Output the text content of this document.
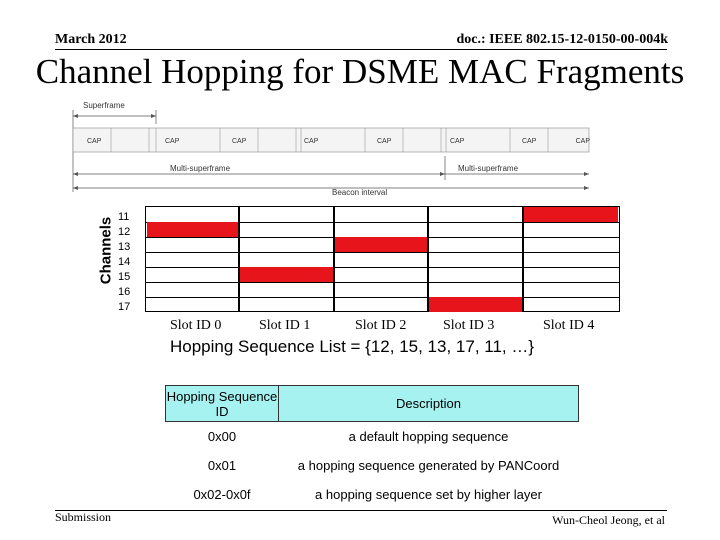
March 2012	doc.: IEEE 802.15-12-0150-00-004k
Channel Hopping for DSME MAC Fragments
Superframe
CAP	CAP	CAP	CAP	CAP	CAP	CAP	CAP
Multi-superframe	Multi-superframe
Beacon interval
Channels 11
12
13
14
15
16
17
Slot ID 0	Slot ID 1	Slot ID 2	Slot ID 3	Slot ID 4
Hopping Sequence List = {12, 15, 13, 17, 11, …}
Hopping Sequence ID	Description
0x00	a default hopping sequence
0x01	a hopping sequence generated by PANCoord
0x02-0x0f	a hopping sequence set by higher layer
Submission	Wun-Cheol Jeong, et al
